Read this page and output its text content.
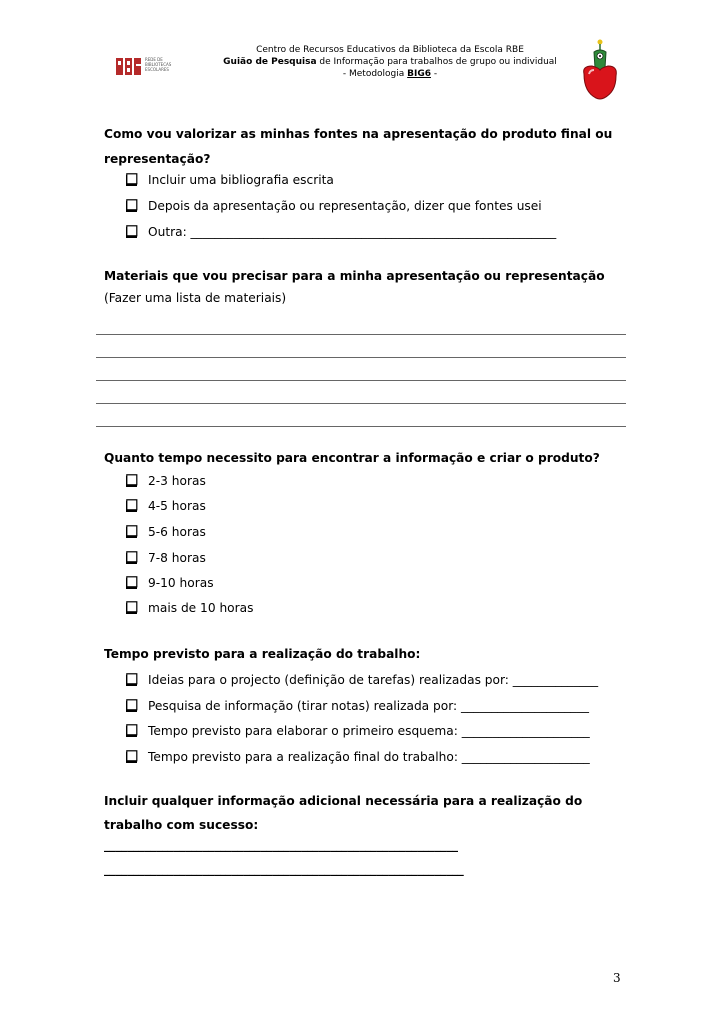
REDE DE BIBLIOTECAS ESCOLARES
Centro de Recursos Educativos da Biblioteca da Escola RBE
Guião de Pesquisa de Informação para trabalhos de grupo ou individual
- Metodologia BIG6 -
Como vou valorizar as minhas fontes na apresentação do produto final ou
representação?
Incluir uma bibliografia escrita
Depois da apresentação ou representação, dizer que fontes usei
Outra: ____________________________________________________________
Materiais que vou precisar para a minha apresentação ou representação
(Fazer uma lista de materiais)
Quanto tempo necessito para encontrar a informação e criar o produto?
2-3 horas
4-5 horas
5-6 horas
7-8 horas
9-10 horas
mais de 10 horas
Tempo previsto para a realização do trabalho:
Ideias para o projecto (definição de tarefas) realizadas por: ______________
Pesquisa de informação (tirar notas) realizada por: _____________________
Tempo previsto para elaborar o primeiro esquema: _____________________
Tempo previsto para a realização final do trabalho: _____________________
Incluir qualquer informação adicional necessária para a realização do
trabalho com sucesso:
_____________________________________________________________
______________________________________________________________
3
